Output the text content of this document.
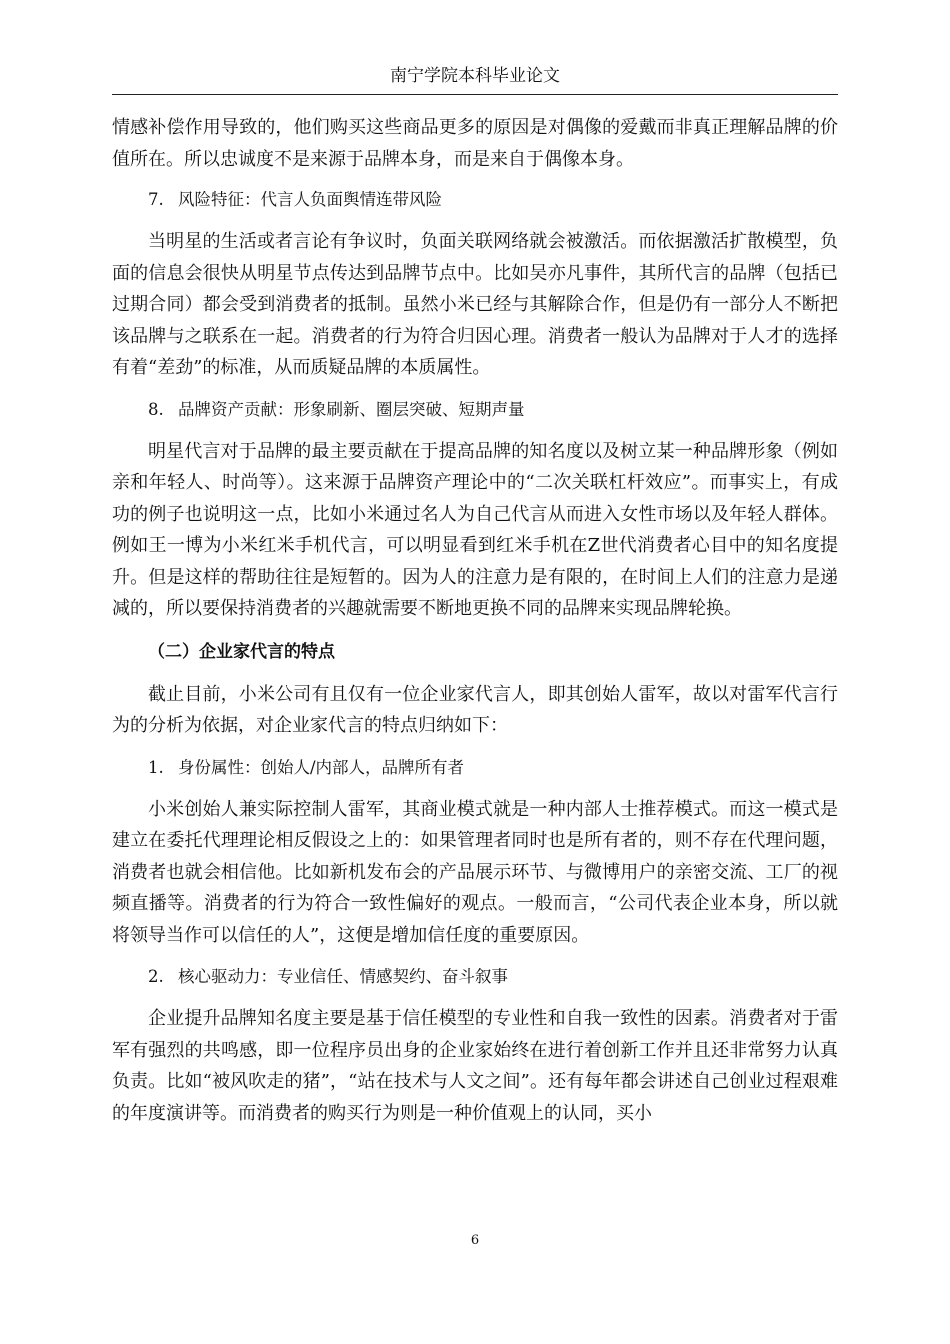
南宁学院本科毕业论文

情感补偿作用导致的，他们购买这些商品更多的原因是对偶像的爱戴而非真正理解品牌的价值所在。所以忠诚度不是来源于品牌本身，而是来自于偶像本身。

7. 风险特征：代言人负面舆情连带风险

当明星的生活或者言论有争议时，负面关联网络就会被激活。而依据激活扩散模型，负面的信息会很快从明星节点传达到品牌节点中。比如吴亦凡事件，其所代言的品牌（包括已过期合同）都会受到消费者的抵制。虽然小米已经与其解除合作，但是仍有一部分人不断把该品牌与之联系在一起。消费者的行为符合归因心理。消费者一般认为品牌对于人才的选择有着“差劲”的标准，从而质疑品牌的本质属性。

8. 品牌资产贡献：形象刷新、圈层突破、短期声量

明星代言对于品牌的最主要贡献在于提高品牌的知名度以及树立某一种品牌形象（例如亲和年轻人、时尚等）。这来源于品牌资产理论中的“二次关联杠杆效应”。而事实上，有成功的例子也说明这一点，比如小米通过名人为自己代言从而进入女性市场以及年轻人群体。例如王一博为小米红米手机代言，可以明显看到红米手机在Z世代消费者心目中的知名度提升。但是这样的帮助往往是短暂的。因为人的注意力是有限的，在时间上人们的注意力是递减的，所以要保持消费者的兴趣就需要不断地更换不同的品牌来实现品牌轮换。

（二）企业家代言的特点

截止目前，小米公司有且仅有一位企业家代言人，即其创始人雷军，故以对雷军代言行为的分析为依据，对企业家代言的特点归纳如下：

1. 身份属性：创始人/内部人，品牌所有者

小米创始人兼实际控制人雷军，其商业模式就是一种内部人士推荐模式。而这一模式是建立在委托代理理论相反假设之上的：如果管理者同时也是所有者的，则不存在代理问题，消费者也就会相信他。比如新机发布会的产品展示环节、与微博用户的亲密交流、工厂的视频直播等。消费者的行为符合一致性偏好的观点。一般而言，“公司代表企业本身，所以就将领导当作可以信任的人”，这便是增加信任度的重要原因。

2. 核心驱动力：专业信任、情感契约、奋斗叙事

企业提升品牌知名度主要是基于信任模型的专业性和自我一致性的因素。消费者对于雷军有强烈的共鸣感，即一位程序员出身的企业家始终在进行着创新工作并且还非常努力认真负责。比如“被风吹走的猪”，“站在技术与人文之间”。还有每年都会讲述自己创业过程艰难的年度演讲等。而消费者的购买行为则是一种价值观上的认同，买小

6
